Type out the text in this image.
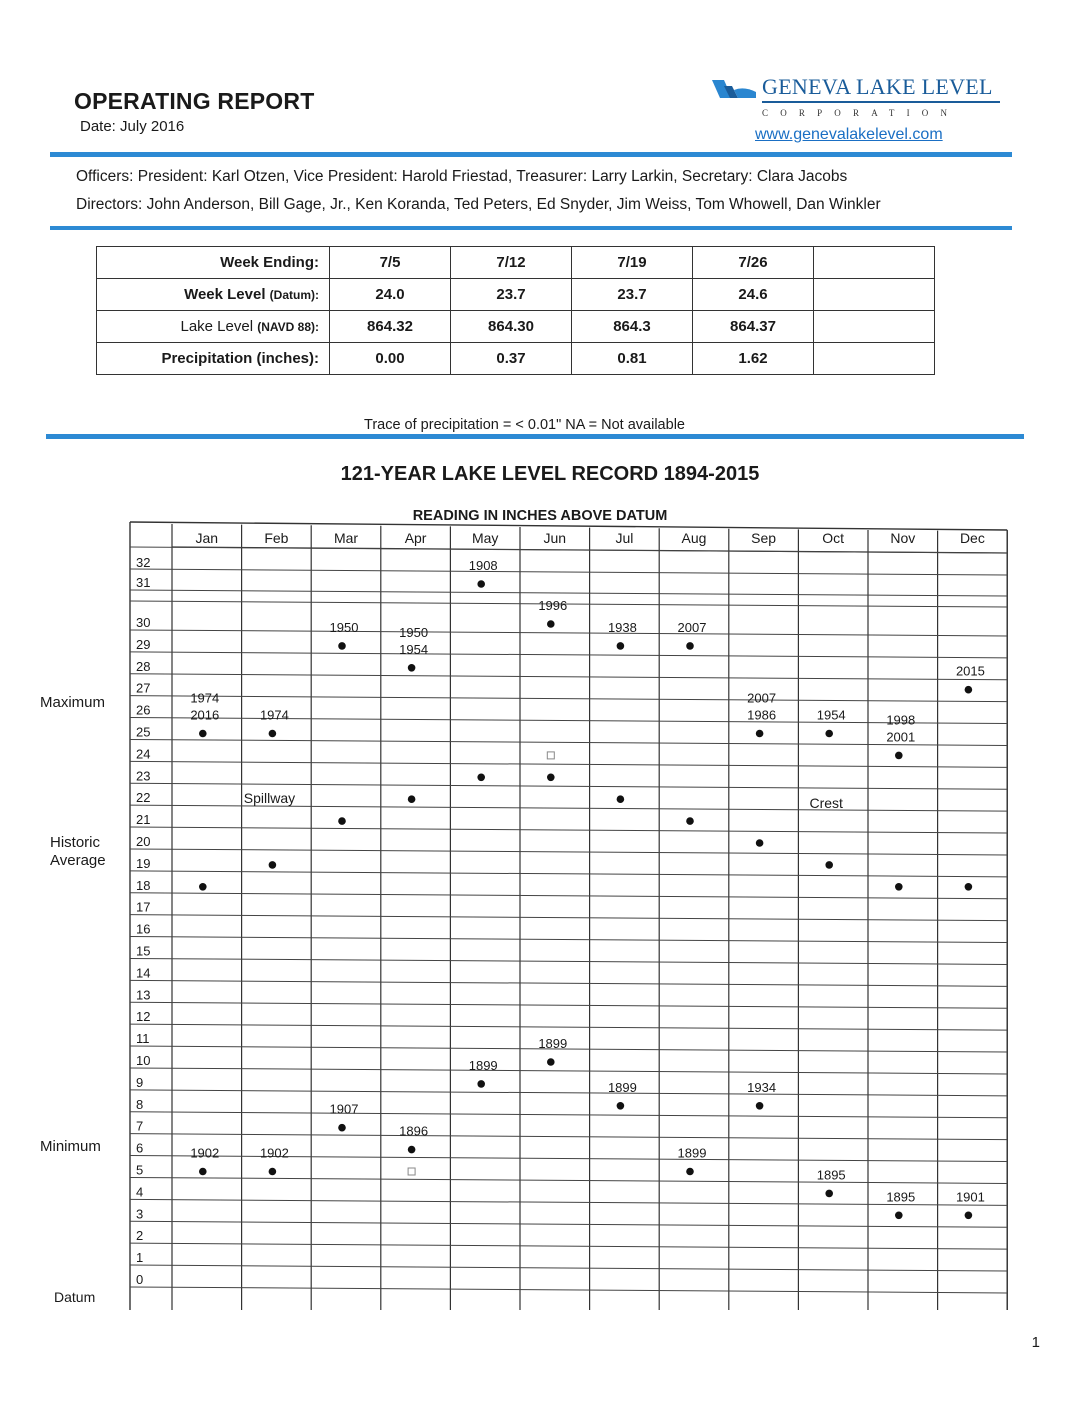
OPERATING REPORT
Date: July 2016
GENEVA LAKE LEVEL
CORPORATION
www.genevalakelevel.com
Officers: President: Karl Otzen, Vice President: Harold Friestad, Treasurer: Larry Larkin, Secretary: Clara Jacobs
Directors: John Anderson, Bill Gage, Jr., Ken Koranda, Ted Peters, Ed Snyder, Jim Weiss, Tom Whowell, Dan Winkler
Week Ending:	7/5	7/12	7/19	7/26	
Week Level (Datum):	24.0	23.7	23.7	24.6	
Lake Level (NAVD 88):	864.32	864.30	864.3	864.37	
Precipitation (inches):	0.00	0.37	0.81	1.62	
Trace of precipitation = < 0.01" NA = Not available
121-YEAR LAKE LEVEL RECORD 1894-2015
READING IN INCHES ABOVE DATUM
Maximum
Historic
Average
Minimum
Datum
Jan	Feb	Mar	Apr	May	Jun	Jul	Aug	Sep	Oct	Nov	Dec
32
31
30
29
28
27
26
25
24
23
22
21
20
19
18
17
16
15
14
13
12
11
10
9
8
7
6
5
4
3
2
1
0
1974
2016	1974
1950	1950
1954
1908
1996
1938	2007
2007
1986	1954	1998
2001
2015
1902	1902
1907
1896
1899
1899
1899
1899
1934
1895
1895	1901
Spillway	Crest
1
